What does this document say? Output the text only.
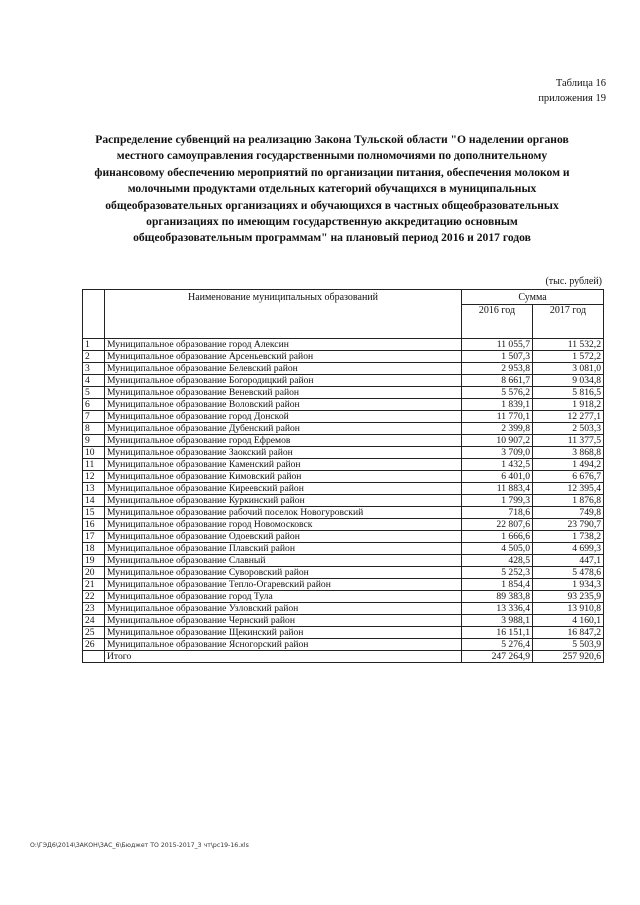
Таблица 16
приложения 19
Распределение субвенций на реализацию Закона Тульской области "О наделении органов
местного самоуправления государственными полномочиями по дополнительному
финансовому обеспечению мероприятий по организации питания, обеспечения молоком и
молочными продуктами отдельных категорий обучащихся в муниципальных
общеобразовательных организациях и обучающихся в частных общеобразовательных
организациях по имеющим государственную аккредитацию основным
общеобразовательным программам" на плановый период 2016 и 2017 годов
(тыс. рублей)
	Наименование муниципальных образований	Сумма	
		2016 год	2017 год
1	Муниципальное образование город Алексин	11 055,7	11 532,2
2	Муниципальное образование Арсеньевский район	1 507,3	1 572,2
3	Муниципальное образование Белевский район	2 953,8	3 081,0
4	Муниципальное образование Богородицкий район	8 661,7	9 034,8
5	Муниципальное образование Веневский район	5 576,2	5 816,5
6	Муниципальное образование Воловский район	1 839,1	1 918,2
7	Муниципальное образование город Донской	11 770,1	12 277,1
8	Муниципальное образование Дубенский район	2 399,8	2 503,3
9	Муниципальное образование город Ефремов	10 907,2	11 377,5
10	Муниципальное образование Заокский район	3 709,0	3 868,8
11	Муниципальное образование Каменский район	1 432,5	1 494,2
12	Муниципальное образование Кимовский район	6 401,0	6 676,7
13	Муниципальное образование Киреевский район	11 883,4	12 395,4
14	Муниципальное образование Куркинский район	1 799,3	1 876,8
15	Муниципальное образование рабочий поселок Новогуровский	718,6	749,8
16	Муниципальное образование город Новомосковск	22 807,6	23 790,7
17	Муниципальное образование Одоевский район	1 666,6	1 738,2
18	Муниципальное образование Плавский район	4 505,0	4 699,3
19	Муниципальное образование Славный	428,5	447,1
20	Муниципальное образование Суворовский район	5 252,3	5 478,6
21	Муниципальное образование Тепло-Огаревский район	1 854,4	1 934,3
22	Муниципальное образование город Тула	89 383,8	93 235,9
23	Муниципальное образование Узловский район	13 336,4	13 910,8
24	Муниципальное образование Чернский район	3 988,1	4 160,1
25	Муниципальное образование Щекинский район	16 151,1	16 847,2
26	Муниципальное образование Ясногорский район	5 276,4	5 503,9
	Итого	247 264,9	257 920,6
O:\ГЭД6\2014\ЗАКОН\ЗАС_6\Бюджет ТО 2015-2017_3 чт\рс19-16.xls
